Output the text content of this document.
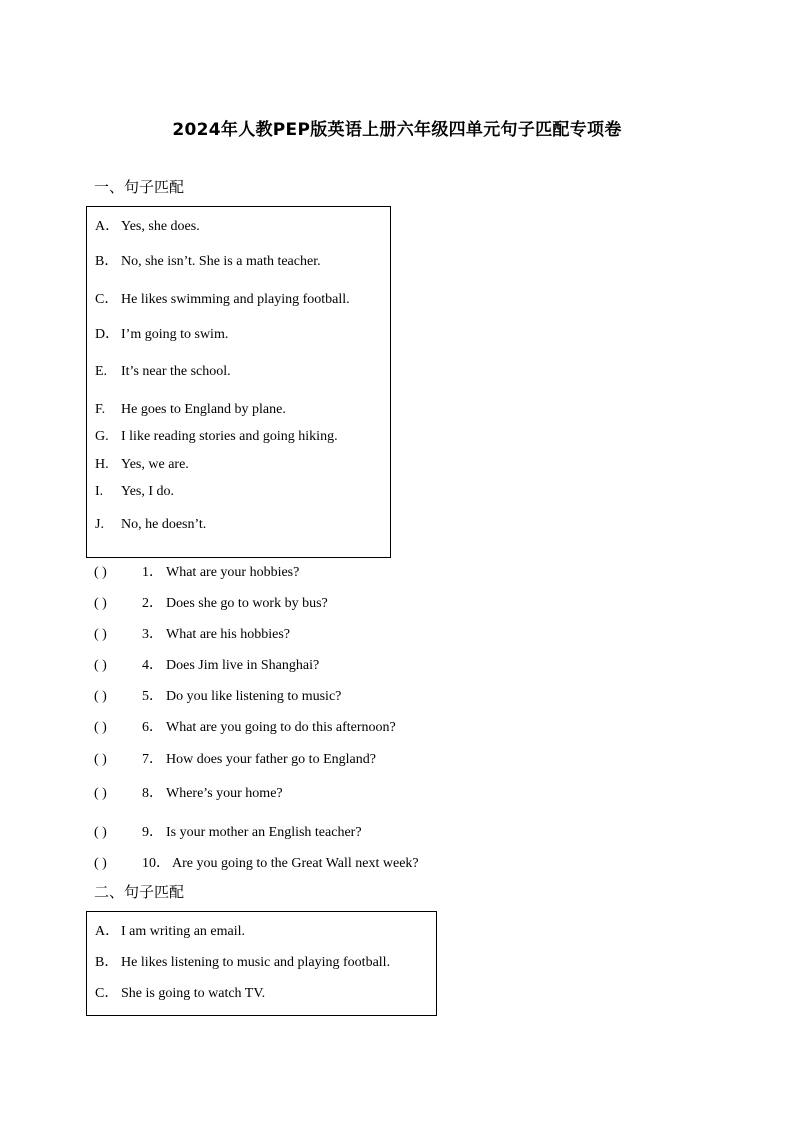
2024年人教PEP版英语上册六年级四单元句子匹配专项卷
一、句子匹配
A． Yes, she does.
B． No, she isn’t. She is a math teacher.
C． He likes swimming and playing football.
D． I’m going to swim.
E. It’s near the school.
F. He goes to England by plane.
G. I like reading stories and going hiking.
H. Yes, we are.
I. Yes, I do.
J. No, he doesn’t.
( )	1． What are your hobbies?
( )	2． Does she go to work by bus?
( )	3． What are his hobbies?
( )	4． Does Jim live in Shanghai?
( )	5． Do you like listening to music?
( )	6． What are you going to do this afternoon?
( )	7． How does your father go to England?
( )	8． Where’s your home?
( )	9． Is your mother an English teacher?
( )	10． Are you going to the Great Wall next week?
二、句子匹配
A． I am writing an email.
B． He likes listening to music and playing football.
C． She is going to watch TV.
